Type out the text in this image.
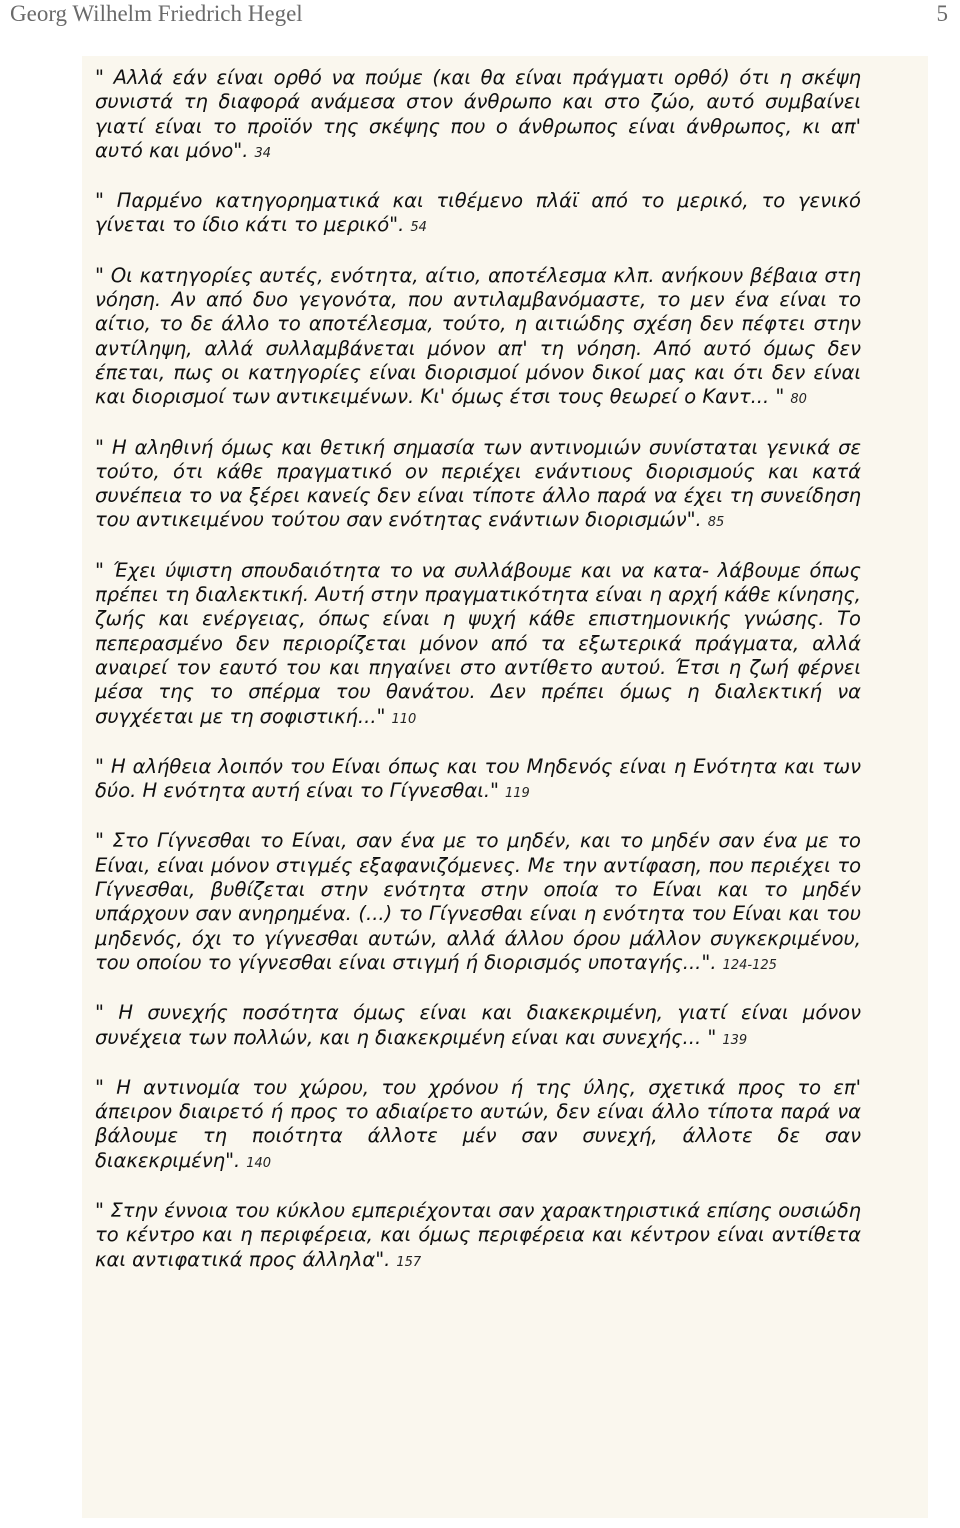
Georg Wilhelm Friedrich Hegel	5

" Αλλά εάν είναι ορθό να πούμε (και θα είναι πράγματι ορθό) ότι η σκέψη συνιστά τη διαφορά ανάμεσα στον άνθρωπο και στο ζώο, αυτό συμβαίνει γιατί είναι το προϊόν της σκέψης που ο άνθρωπος είναι άνθρωπος, κι απ' αυτό και μόνο". 34

" Παρμένο κατηγορηματικά και τιθέμενο πλάϊ από το μερικό, το γενικό γίνεται το ίδιο κάτι το μερικό". 54

" Οι κατηγορίες αυτές, ενότητα, αίτιο, αποτέλεσμα κλπ. ανήκουν βέβαια στη νόηση. Αν από δυο γεγονότα, που αντιλαμβανόμαστε, το μεν ένα είναι το αίτιο, το δε άλλο το αποτέλεσμα, τούτο, η αιτιώδης σχέση δεν πέφτει στην αντίληψη, αλλά συλλαμβάνεται μόνον απ' τη νόηση. Από αυτό όμως δεν έπεται, πως οι κατηγορίες είναι διορισμοί μόνον δικοί μας και ότι δεν είναι και διορισμοί των αντικειμένων. Κι' όμως έτσι τους θεωρεί ο Καντ... " 80

" Η αληθινή όμως και θετική σημασία των αντινομιών συνίσταται γενικά σε τούτο, ότι κάθε πραγματικό ον περιέχει ενάντιους διορισμούς και κατά συνέπεια το να ξέρει κανείς δεν είναι τίποτε άλλο παρά να έχει τη συνείδηση του αντικειμένου τούτου σαν ενότητας ενάντιων διορισμών". 85

" Έχει ύψιστη σπουδαιότητα το να συλλάβουμε και να κατα- λάβουμε όπως πρέπει τη διαλεκτική. Αυτή στην πραγματικότητα είναι η αρχή κάθε κίνησης, ζωής και ενέργειας, όπως είναι η ψυχή κάθε επιστημονικής γνώσης. Το πεπερασμένο δεν περιορίζεται μόνον από τα εξωτερικά πράγματα, αλλά αναιρεί τον εαυτό του και πηγαίνει στο αντίθετο αυτού. Έτσι η ζωή φέρνει μέσα της το σπέρμα του θανάτου. Δεν πρέπει όμως η διαλεκτική να συγχέεται με τη σοφιστική..." 110

" Η αλήθεια λοιπόν του Είναι όπως και του Μηδενός είναι η Ενότητα και των δύο. Η ενότητα αυτή είναι το Γίγνεσθαι." 119

" Στο Γίγνεσθαι το Είναι, σαν ένα με το μηδέν, και το μηδέν σαν ένα με το Είναι, είναι μόνον στιγμές εξαφανιζόμενες. Με την αντίφαση, που περιέχει το Γίγνεσθαι, βυθίζεται στην ενότητα στην οποία το Είναι και το μηδέν υπάρχουν σαν ανηρημένα. (...) το Γίγνεσθαι είναι η ενότητα του Είναι και του μηδενός, όχι το γίγνεσθαι αυτών, αλλά άλλου όρου μάλλον συγκεκριμένου, του οποίου το γίγνεσθαι είναι στιγμή ή διορισμός υποταγής...". 124-125

" Η συνεχής ποσότητα όμως είναι και διακεκριμένη, γιατί είναι μόνον συνέχεια των πολλών, και η διακεκριμένη είναι και συνεχής... " 139

" Η αντινομία του χώρου, του χρόνου ή της ύλης, σχετικά προς το επ' άπειρον διαιρετό ή προς το αδιαίρετο αυτών, δεν είναι άλλο τίποτα παρά να βάλουμε τη ποιότητα άλλοτε μέν σαν συνεχή, άλλοτε δε σαν διακεκριμένη". 140

" Στην έννοια του κύκλου εμπεριέχονται σαν χαρακτηριστικά επίσης ουσιώδη το κέντρο και η περιφέρεια, και όμως περιφέρεια και κέντρον είναι αντίθετα και αντιφατικά προς άλληλα". 157
